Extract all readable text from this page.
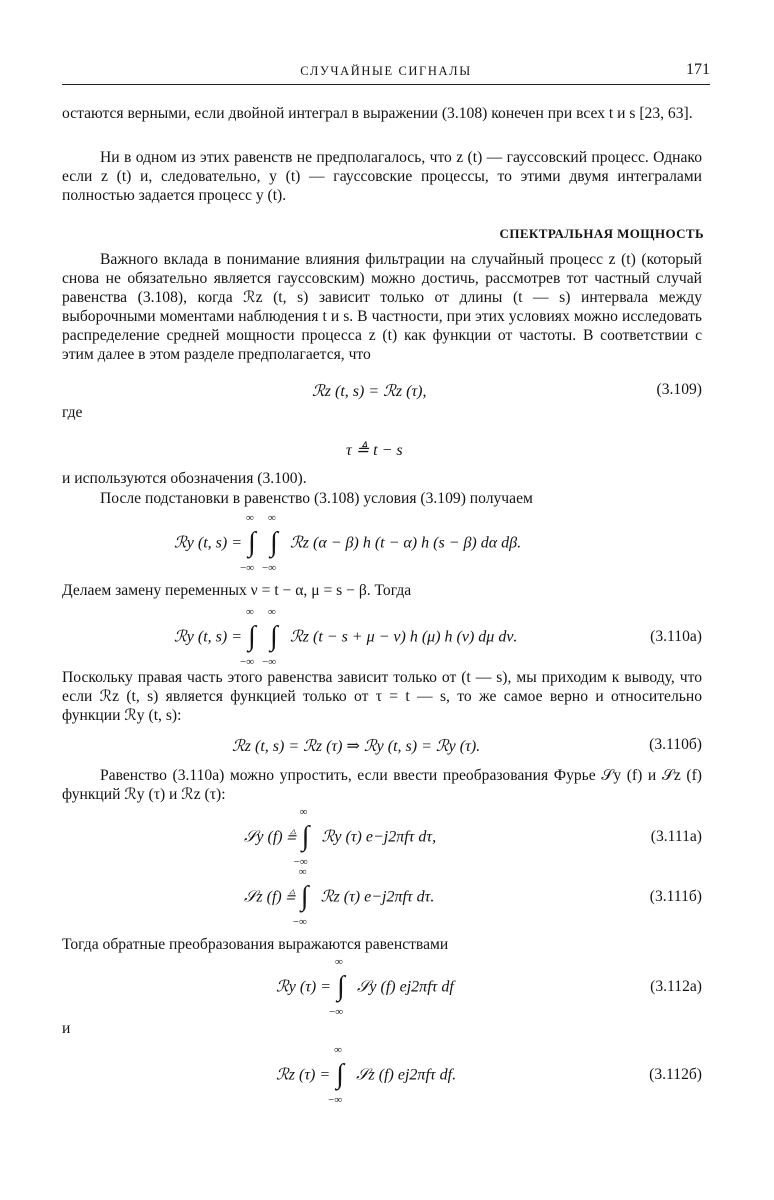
СЛУЧАЙНЫЕ СИГНАЛЫ	171

остаются верными, если двойной интеграл в выражении (3.108) конечен при всех t и s [23, 63].

Ни в одном из этих равенств не предполагалось, что z (t) — гауссовский процесс. Однако если z (t) и, следовательно, y (t) — гауссовские процессы, то этими двумя интегралами полностью задается процесс y (t).

СПЕКТРАЛЬНАЯ МОЩНОСТЬ

Важного вклада в понимание влияния фильтрации на случайный процесс z (t) (который снова не обязательно является гауссовским) можно достичь, рассмотрев тот частный случай равенства (3.108), когда ℛz (t, s) зависит только от длины (t — s) интервала между выборочными моментами наблюдения t и s. В частности, при этих условиях можно исследовать распределение средней мощности процесса z (t) как функции от частоты. В соответствии с этим далее в этом разделе предполагается, что

ℛz (t, s) = ℛz (τ),	(3.109)
где
τ ≜ t − s
и используются обозначения (3.100).
После подстановки в равенство (3.108) условия (3.109) получаем
ℛy (t, s) =
∞
∫
−∞

∞
∫
−∞
ℛz (α − β) h (t − α) h (s − β) dα dβ.
Делаем замену переменных ν = t − α, μ = s − β. Тогда
ℛy (t, s) =
∞
∫
−∞

∞
∫
−∞
ℛz (t − s + μ − ν) h (μ) h (ν) dμ dν.	(3.110а)

Поскольку правая часть этого равенства зависит только от (t — s), мы приходим к выводу, что если ℛz (t, s) является функцией только от τ = t — s, то же самое верно и относительно функции ℛy (t, s):

ℛz (t, s) = ℛz (τ) ⇒ ℛy (t, s) = ℛy (τ).	(3.110б)

Равенство (3.110а) можно упростить, если ввести преобразования Фурье 𝒮y (f) и 𝒮z (f) функций ℛy (τ) и ℛz (τ):

𝒮y (f) ≜
∞
∫
−∞
ℛy (τ) e−j2πfτ dτ,	(3.111а)
𝒮z (f) ≜
∞
∫
−∞
ℛz (τ) e−j2πfτ dτ.	(3.111б)
Тогда обратные преобразования выражаются равенствами
ℛy (τ) =
∞
∫
−∞
𝒮y (f) ej2πfτ df	(3.112а)
и
ℛz (τ) =
∞
∫
−∞
𝒮z (f) ej2πfτ df.	(3.112б)
